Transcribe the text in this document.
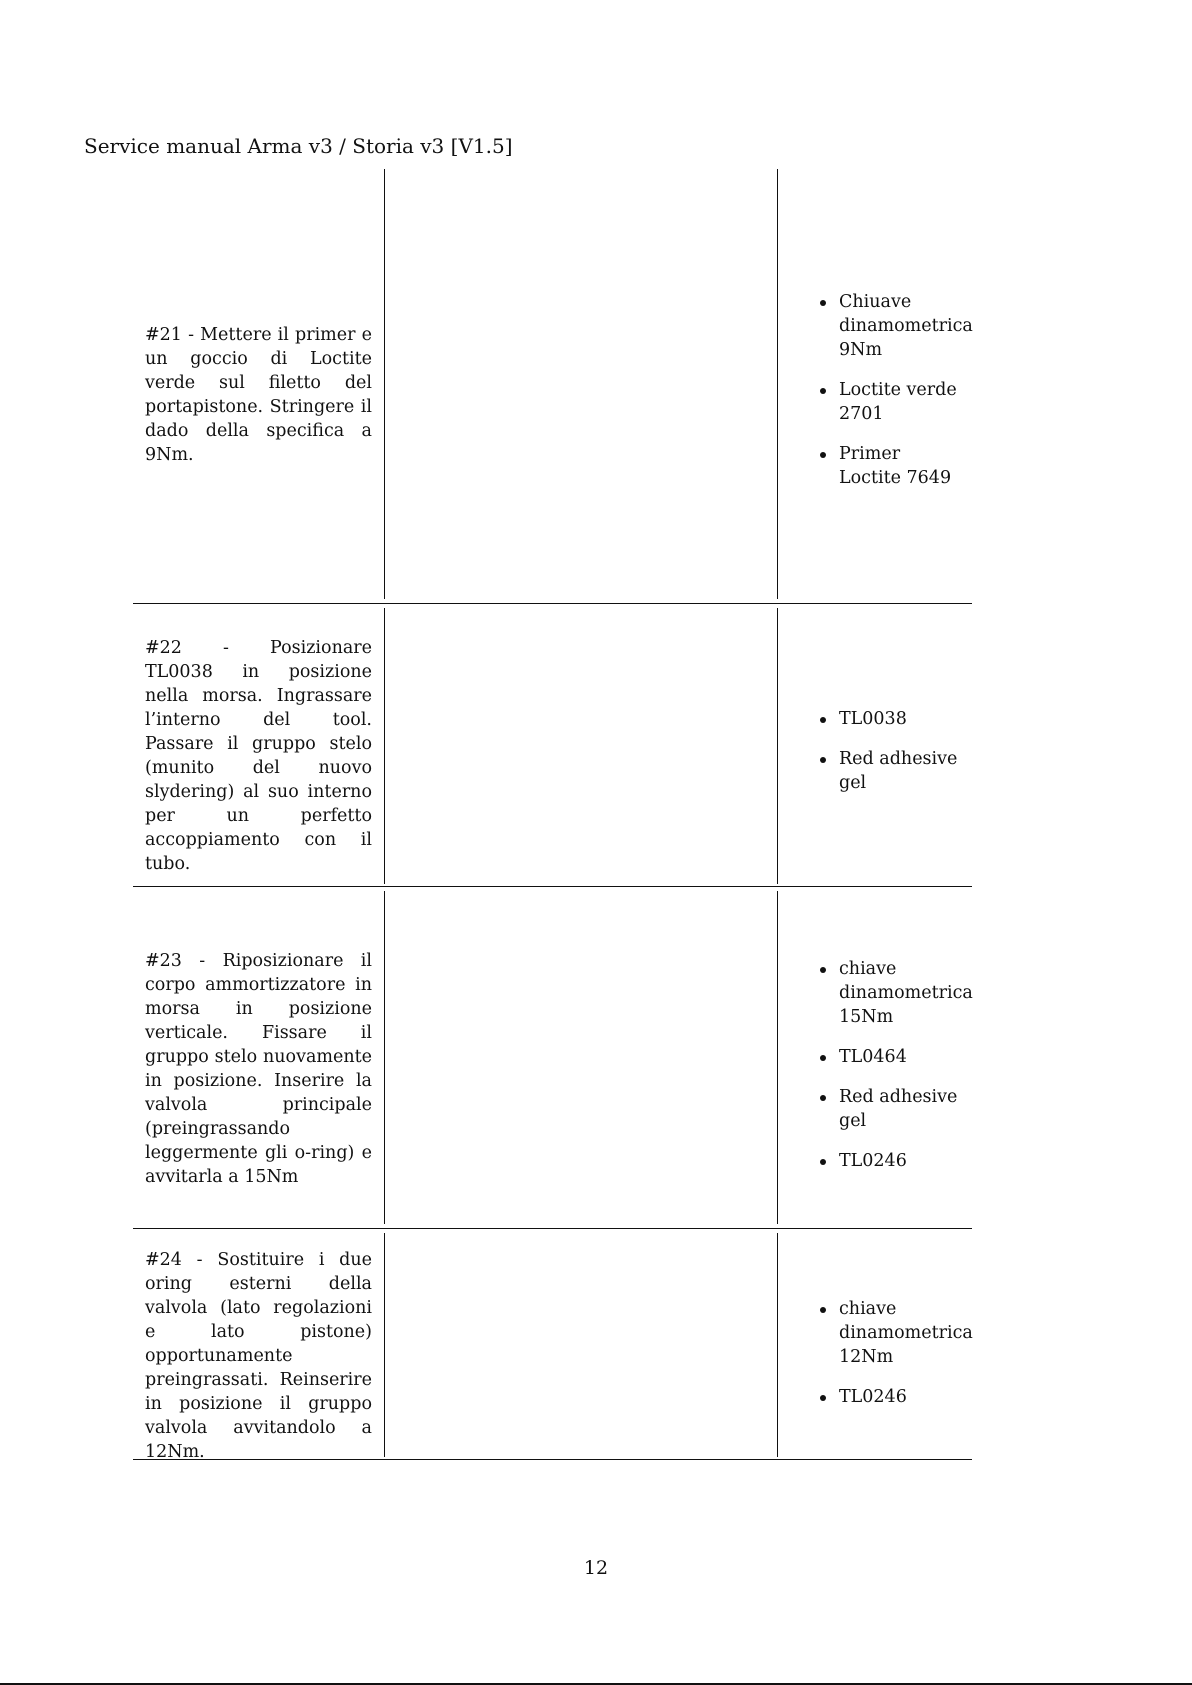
Service manual Arma v3 / Storia v3 [V1.5]
#21 - Mettere il primer e un goccio di Loctite verde sul filetto del portapistone. Stringere il dado della specifica a 9Nm.
Chiuave dinamometrica 9Nm
Loctite verde 2701
Primer Loctite 7649
#22 - Posizionare TL0038 in posizione nella morsa. Ingrassare l’interno del tool. Passare il gruppo stelo (munito del nuovo slydering) al suo interno per un perfetto accoppiamento con il tubo.
TL0038
Red adhesive gel
#23 - Riposizionare il corpo ammortizzatore in morsa in posizione verticale. Fissare il gruppo stelo nuovamente in posizione. Inserire la valvola principale (preingrassando leggermente gli o-ring) e avvitarla a 15Nm
chiave dinamometrica 15Nm
TL0464
Red adhesive gel
TL0246
#24 - Sostituire i due oring esterni della valvola (lato regolazioni e lato pistone) opportunamente preingrassati. Reinserire in posizione il gruppo valvola avvitandolo a 12Nm.
chiave dinamometrica 12Nm
TL0246
12
